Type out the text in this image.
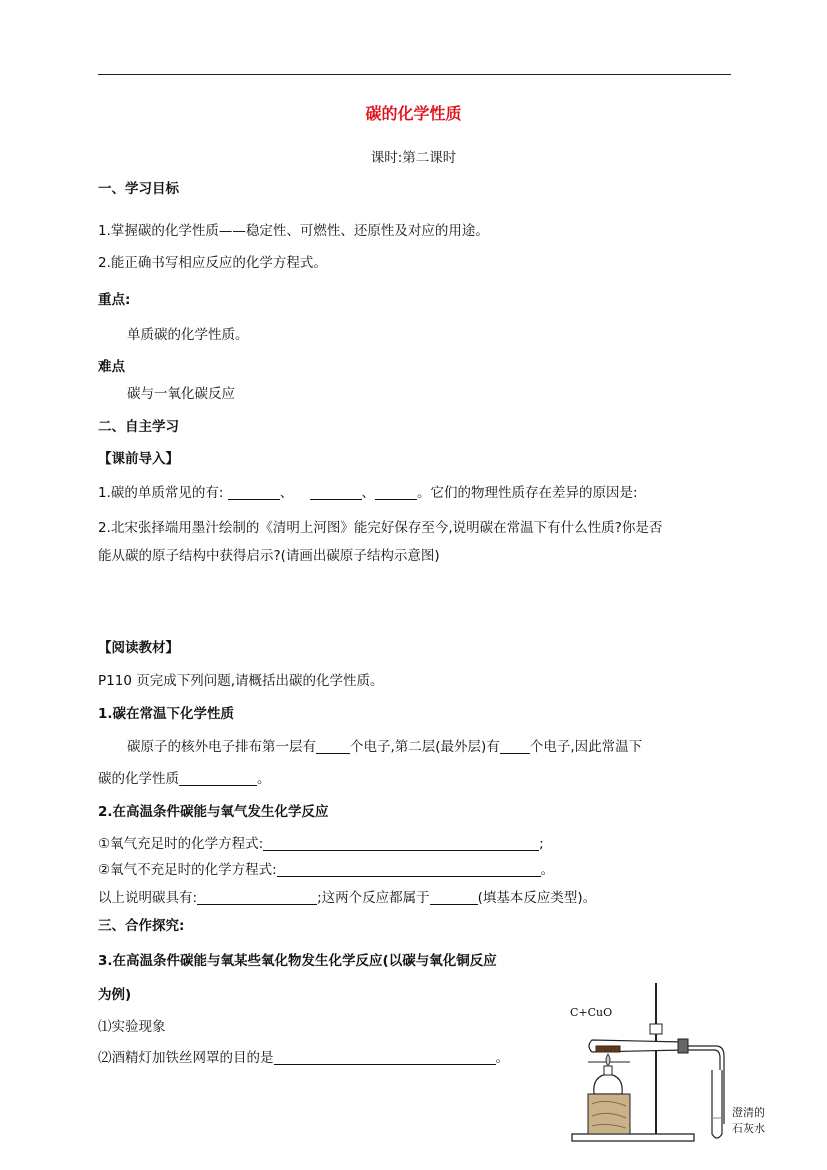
碳的化学性质
课时:第二课时
一、学习目标
1.掌握碳的化学性质——稳定性、可燃性、还原性及对应的用途。
2.能正确书写相应反应的化学方程式。
重点:
单质碳的化学性质。
难点
碳与一氧化碳反应
二、自主学习
【课前导入】
1.碳的单质常见的有:	、	、	。它们的物理性质存在差异的原因是:
2.北宋张择端用墨汁绘制的《清明上河图》能完好保存至今,说明碳在常温下有什么性质?你是否
能从碳的原子结构中获得启示?(请画出碳原子结构示意图)
【阅读教材】
P110 页完成下列问题,请概括出碳的化学性质。
1.碳在常温下化学性质
碳原子的核外电子排布第一层有	个电子,第二层(最外层)有 个电子,因此常温下
碳的化学性质	。
2.在高温条件碳能与氧气发生化学反应
①氧气充足时的化学方程式:	;
②氧气不充足时的化学方程式:	。
以上说明碳具有:	;这两个反应都属于	(填基本反应类型)。
三、合作探究:
3.在高温条件碳能与氧某些氧化物发生化学反应(以碳与氧化铜反应
为例)
⑴实验现象
⑵酒精灯加铁丝网罩的目的是	。
C+CuO
澄清的
石灰水
